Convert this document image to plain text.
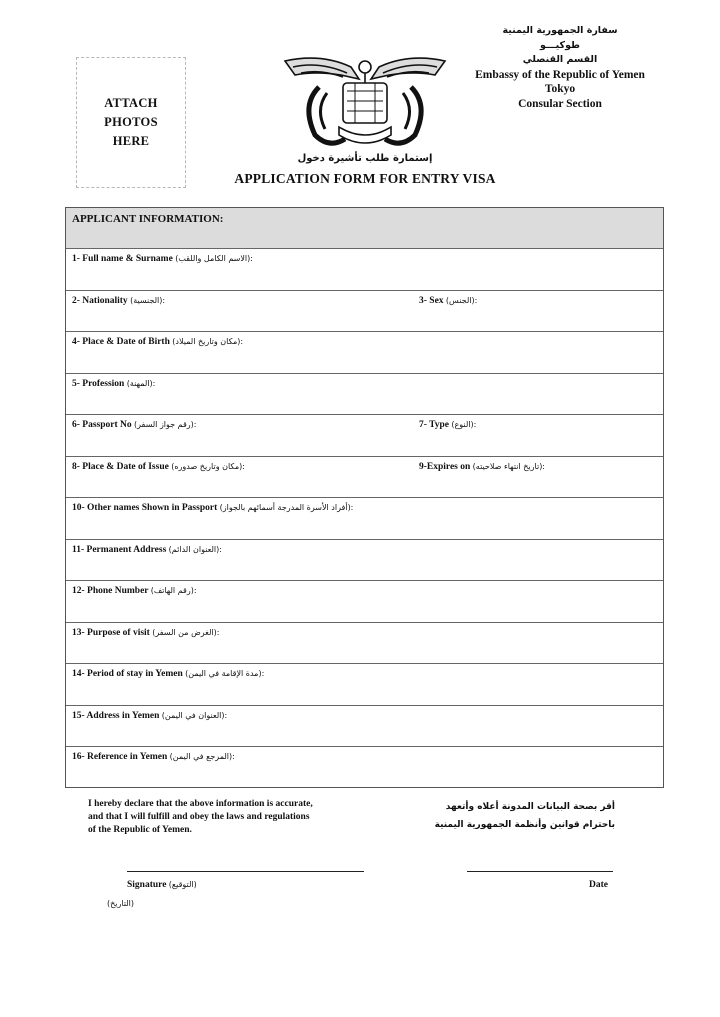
ATTACH
PHOTOS
HERE
سفارة الجمهورية اليمنية
طوكيـــو
القسم القنصلي
Embassy of the Republic of Yemen
Tokyo
Consular Section
إستمارة طلب تأشيرة دخول
APPLICATION FORM FOR ENTRY VISA
APPLICANT INFORMATION:
1- Full name & Surname (الاسم الكامل واللقب):
2- Nationality (الجنسية):	3- Sex (الجنس):
4- Place & Date of Birth (مكان وتاريخ الميلاد):
5- Profession (المهنة):
6- Passport No (رقم جواز السفر):	7- Type (النوع):
8- Place & Date of Issue (مكان وتاريخ صدوره):	9-Expires on (تاريخ انتهاء صلاحيته):
10- Other names Shown in Passport (أفراد الأسرة المدرجة أسمائهم بالجواز):
11- Permanent Address (العنوان الدائم):
12- Phone Number (رقم الهاتف):
13- Purpose of visit (الغرض من السفر):
14- Period of stay in Yemen (مدة الإقامة في اليمن):
15- Address in Yemen (العنوان في اليمن):
16- Reference in Yemen (المرجع في اليمن):
I hereby declare that the above information is accurate,
and that I will fulfill and obey the laws and regulations
of the Republic of Yemen.
أقر بصحة البيانات المدونة أعلاه وأتعهد
باحترام قوانين وأنظمة الجمهورية اليمنية
Signature (التوقيع)	Date
(التاريخ)
